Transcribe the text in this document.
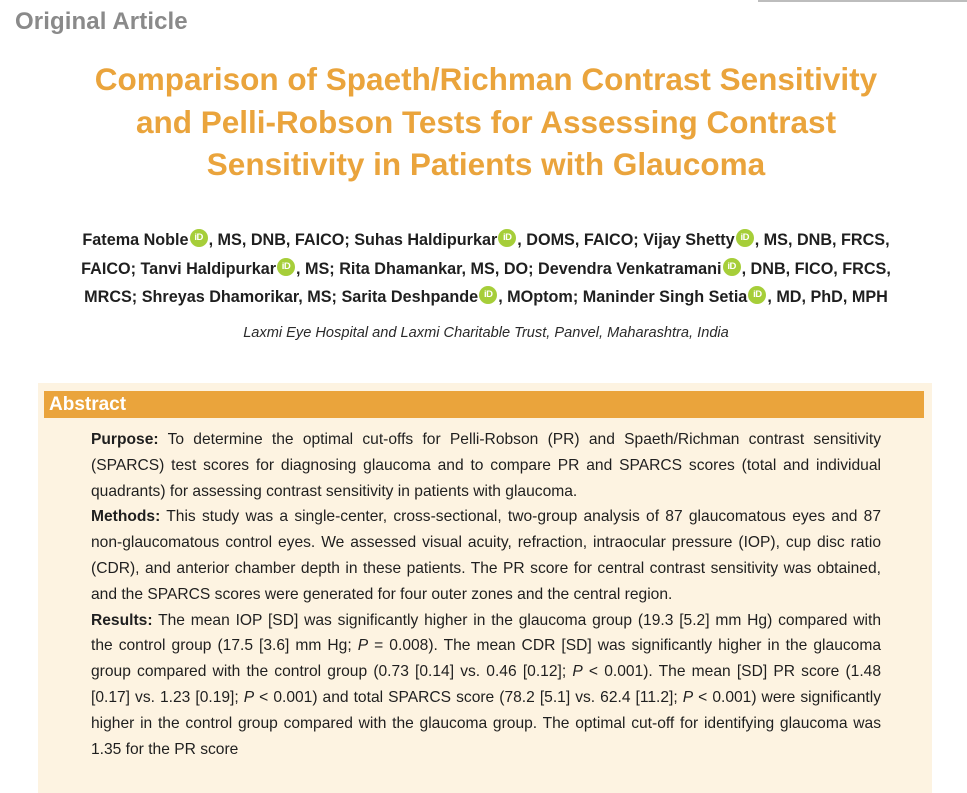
Original Article
Comparison of Spaeth/Richman Contrast Sensitivity
and Pelli-Robson Tests for Assessing Contrast
Sensitivity in Patients with Glaucoma
Fatema Noble iD , MS, DNB, FAICO; Suhas Haldipurkar iD , DOMS, FAICO; Vijay Shetty iD , MS, DNB, FRCS,
FAICO; Tanvi Haldipurkar iD , MS; Rita Dhamankar, MS, DO; Devendra Venkatramani iD , DNB, FICO, FRCS,
MRCS; Shreyas Dhamorikar, MS; Sarita Deshpande iD , MOptom; Maninder Singh Setia iD , MD, PhD, MPH
Laxmi Eye Hospital and Laxmi Charitable Trust, Panvel, Maharashtra, India
Abstract

Purpose: To determine the optimal cut-offs for Pelli-Robson (PR) and Spaeth/Richman contrast sensitivity (SPARCS) test scores for diagnosing glaucoma and to compare PR and SPARCS scores (total and individual quadrants) for assessing contrast sensitivity in patients with glaucoma.

Methods: This study was a single-center, cross-sectional, two-group analysis of 87 glaucomatous eyes and 87 non-glaucomatous control eyes. We assessed visual acuity, refraction, intraocular pressure (IOP), cup disc ratio (CDR), and anterior chamber depth in these patients. The PR score for central contrast sensitivity was obtained, and the SPARCS scores were generated for four outer zones and the central region.

Results: The mean IOP [SD] was significantly higher in the glaucoma group (19.3 [5.2] mm Hg) compared with the control group (17.5 [3.6] mm Hg; P = 0.008). The mean CDR [SD] was significantly higher in the glaucoma group compared with the control group (0.73 [0.14] vs. 0.46 [0.12]; P < 0.001). The mean [SD] PR score (1.48 [0.17] vs. 1.23 [0.19]; P < 0.001) and total SPARCS score (78.2 [5.1] vs. 62.4 [11.2]; P < 0.001) were significantly higher in the control group compared with the glaucoma group. The optimal cut-off for identifying glaucoma was 1.35 for the PR score
